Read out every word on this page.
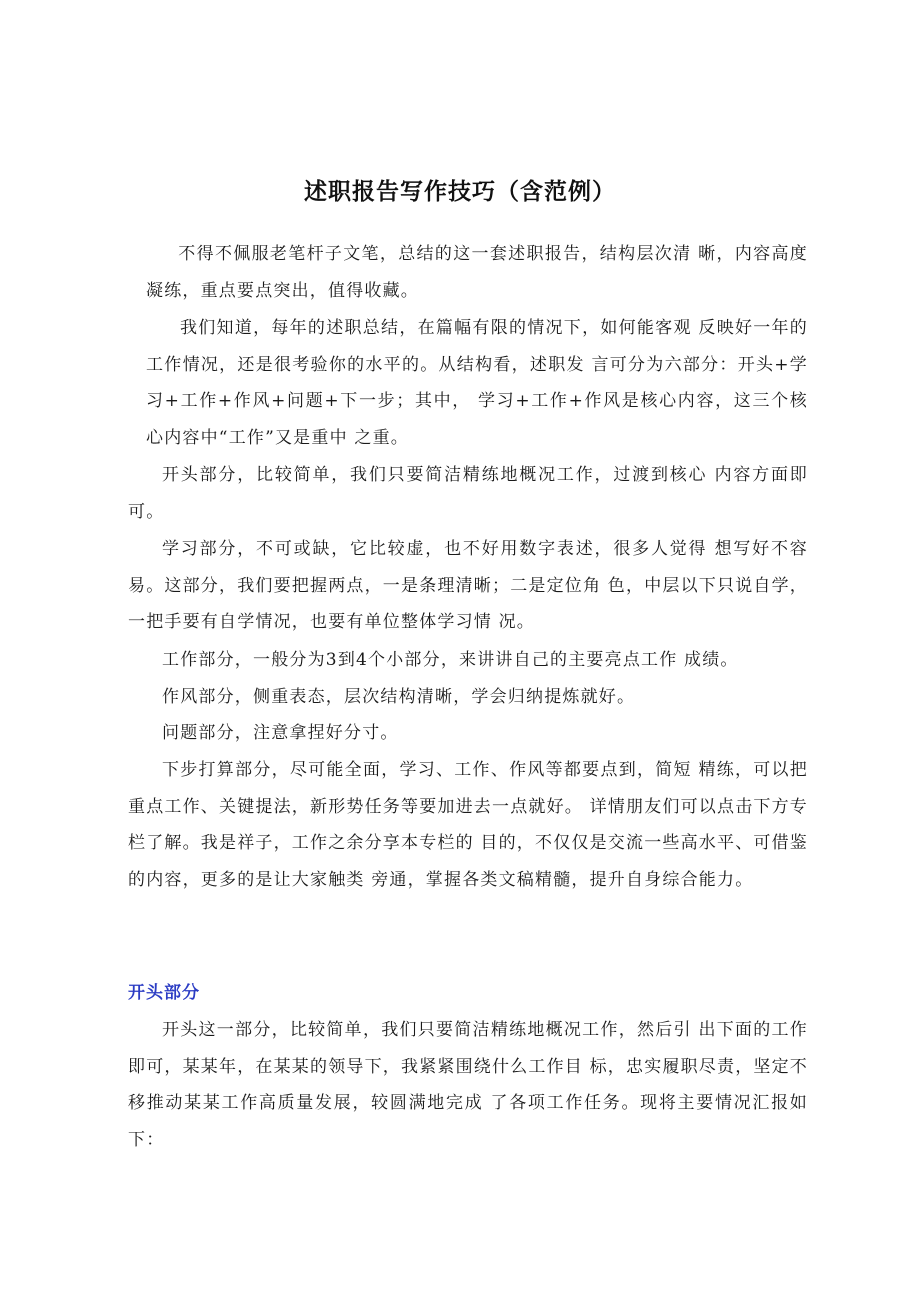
述职报告写作技巧（含范例）

不得不佩服老笔杆子文笔，总结的这一套述职报告，结构层次清 晰，内容高度凝练，重点要点突出，值得收藏。

我们知道，每年的述职总结，在篇幅有限的情况下，如何能客观 反映好一年的工作情况，还是很考验你的水平的。从结构看，述职发 言可分为六部分：开头+学习+工作+作风+问题+下一步；其中， 学习+工作+作风是核心内容，这三个核心内容中“工作”又是重中 之重。

开头部分，比较简单，我们只要简洁精练地概况工作，过渡到核心 内容方面即可。

学习部分，不可或缺，它比较虚，也不好用数字表述，很多人觉得 想写好不容易。这部分，我们要把握两点，一是条理清晰；二是定位角 色，中层以下只说自学，一把手要有自学情况，也要有单位整体学习情 况。

工作部分，一般分为3到4个小部分，来讲讲自己的主要亮点工作 成绩。

作风部分，侧重表态，层次结构清晰，学会归纳提炼就好。

问题部分，注意拿捏好分寸。

下步打算部分，尽可能全面，学习、工作、作风等都要点到，简短 精练，可以把重点工作、关键提法，新形势任务等要加进去一点就好。 详情朋友们可以点击下方专栏了解。我是祥子，工作之余分享本专栏的 目的，不仅仅是交流一些高水平、可借鉴的内容，更多的是让大家触类 旁通，掌握各类文稿精髓，提升自身综合能力。

开头部分

开头这一部分，比较简单，我们只要简洁精练地概况工作，然后引 出下面的工作即可，某某年，在某某的领导下，我紧紧围绕什么工作目 标，忠实履职尽责，坚定不移推动某某工作高质量发展，较圆满地完成 了各项工作任务。现将主要情况汇报如下：
